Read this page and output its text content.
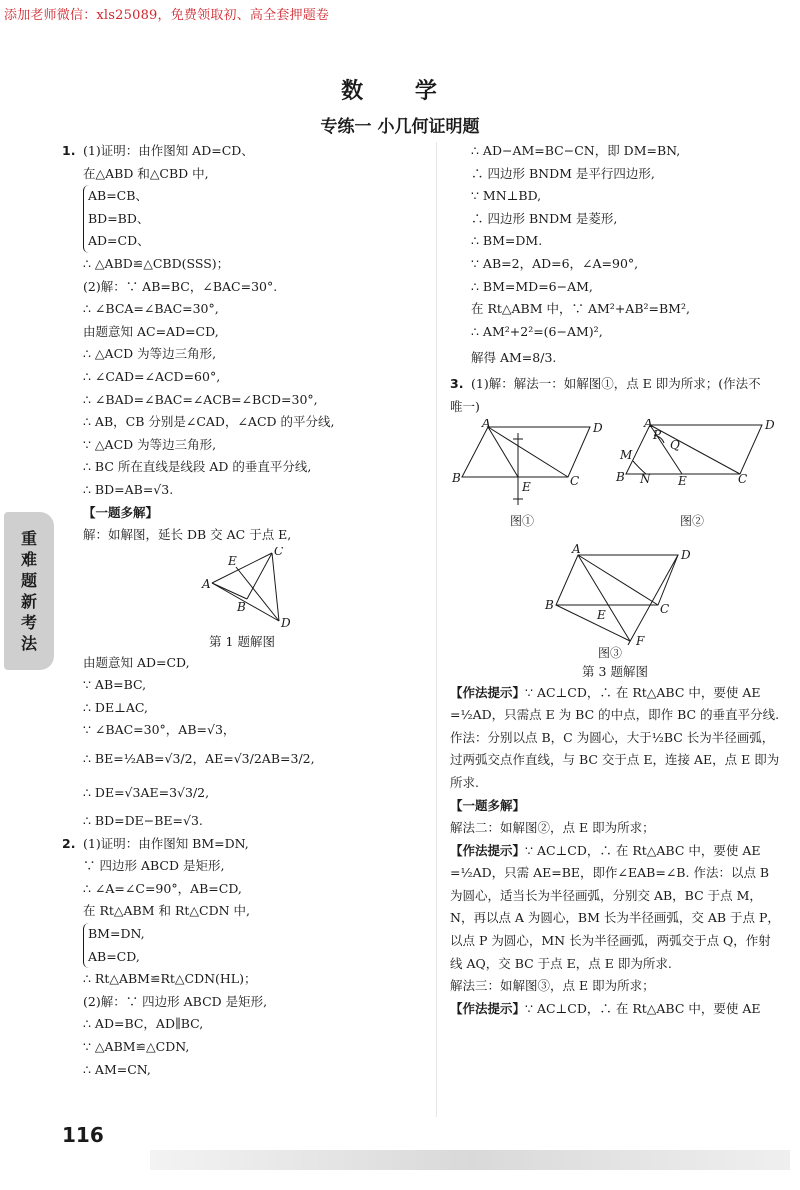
添加老师微信：xls25089，免费领取初、高全套押题卷
数 学
专练一 小几何证明题
重难题新考法
1. (1)证明：由作图知 AD=CD、
在△ABD 和△CBD 中,
AB=CB、
BD=BD、
AD=CD、
∴ △ABD≌△CBD(SSS)；
(2)解：∵ AB=BC，∠BAC=30°.
∴ ∠BCA=∠BAC=30°,
由题意知 AC=AD=CD,
∴ △ACD 为等边三角形,
∴ ∠CAD=∠ACD=60°,
∴ ∠BAD=∠BAC=∠ACB=∠BCD=30°,
∴ AB，CB 分别是∠CAD，∠ACD 的平分线,
∵ △ACD 为等边三角形,
∴ BC 所在直线是线段 AD 的垂直平分线,
∴ BD=AB=√3.
【一题多解】
解：如解图，延长 DB 交 AC 于点 E,
A
C
B
E
D
第 1 题解图
由题意知 AD=CD,
∵ AB=BC,
∴ DE⊥AC,
∵ ∠BAC=30°，AB=√3，
∴ BE=½AB=√3/2，AE=√3/2AB=3/2,
∴ DE=√3AE=3√3/2,
∴ BD=DE−BE=√3.
2. (1)证明：由作图知 BM=DN,
∵ 四边形 ABCD 是矩形,
∴ ∠A=∠C=90°，AB=CD,
在 Rt△ABM 和 Rt△CDN 中,
BM=DN,
AB=CD,
∴ Rt△ABM≌Rt△CDN(HL)；
(2)解：∵ 四边形 ABCD 是矩形,
∴ AD=BC，AD∥BC,
∵ △ABM≌△CDN,
∴ AM=CN,
∴ AD−AM=BC−CN，即 DM=BN,
∴ 四边形 BNDM 是平行四边形,
∵ MN⊥BD,
∴ 四边形 BNDM 是菱形,
∴ BM=DM.
∵ AB=2，AD=6，∠A=90°,
∴ BM=MD=6−AM,
在 Rt△ABM 中，∵ AM²+AB²=BM²,
∴ AM²+2²=(6−AM)²,
解得 AM=8/3.
3. (1)解：解法一：如解图①，点 E 即为所求；(作法不
唯一)
A	D
B	C
E
图①
A	D
P
Q
M
B N E	C
图②
A	D
B
E	C
F
图③
第 3 题解图
【作法提示】∵ AC⊥CD，∴ 在 Rt△ABC 中，要使 AE =½AD，只需点 E 为 BC 的中点，即作 BC 的垂直平分线. 作法：分别以点 B，C 为圆心，大于½BC 长为半径画弧，过两弧交点作直线，与 BC 交于点 E，连接 AE，点 E 即为所求.
【一题多解】
解法二：如解图②，点 E 即为所求；
【作法提示】∵ AC⊥CD，∴ 在 Rt△ABC 中，要使 AE =½AD，只需 AE=BE，即作∠EAB=∠B. 作法：以点 B 为圆心，适当长为半径画弧，分别交 AB，BC 于点 M，N，再以点 A 为圆心，BM 长为半径画弧，交 AB 于点 P，以点 P 为圆心，MN 长为半径画弧，两弧交于点 Q，作射线 AQ，交 BC 于点 E，点 E 即为所求.
解法三：如解图③，点 E 即为所求；
【作法提示】∵ AC⊥CD，∴ 在 Rt△ABC 中，要使 AE
116
